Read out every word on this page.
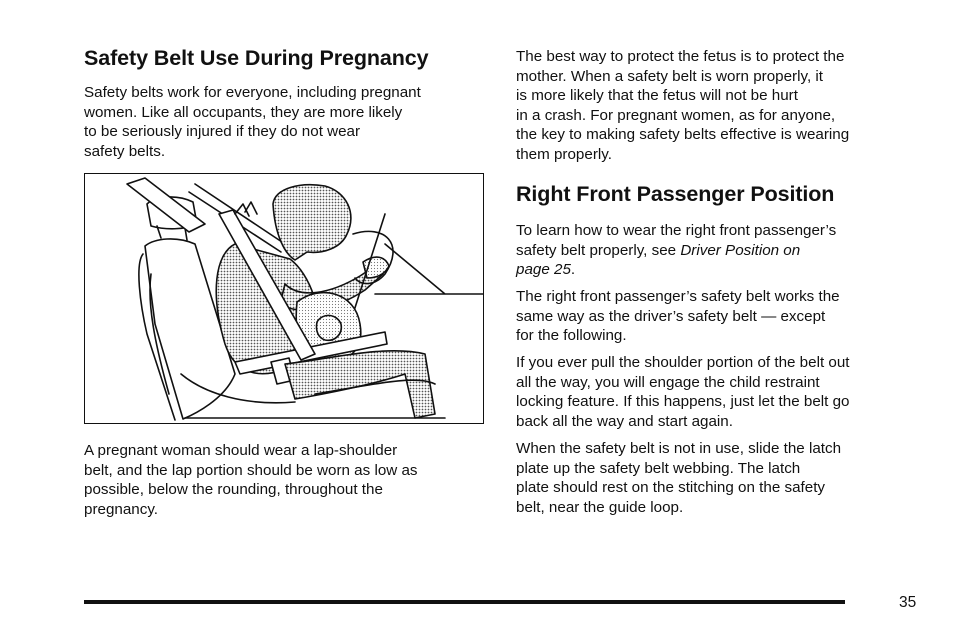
Safety Belt Use During Pregnancy

Safety belts work for everyone, including pregnant
women. Like all occupants, they are more likely
to be seriously injured if they do not wear
safety belts.

A pregnant woman should wear a lap-shoulder
belt, and the lap portion should be worn as low as
possible, below the rounding, throughout the
pregnancy.

The best way to protect the fetus is to protect the
mother. When a safety belt is worn properly, it
is more likely that the fetus will not be hurt
in a crash. For pregnant women, as for anyone,
the key to making safety belts effective is wearing
them properly.

Right Front Passenger Position

To learn how to wear the right front passenger’s
safety belt properly, see Driver Position on
page 25.

The right front passenger’s safety belt works the
same way as the driver’s safety belt — except
for the following.

If you ever pull the shoulder portion of the belt out
all the way, you will engage the child restraint
locking feature. If this happens, just let the belt go
back all the way and start again.

When the safety belt is not in use, slide the latch
plate up the safety belt webbing. The latch
plate should rest on the stitching on the safety
belt, near the guide loop.

35
